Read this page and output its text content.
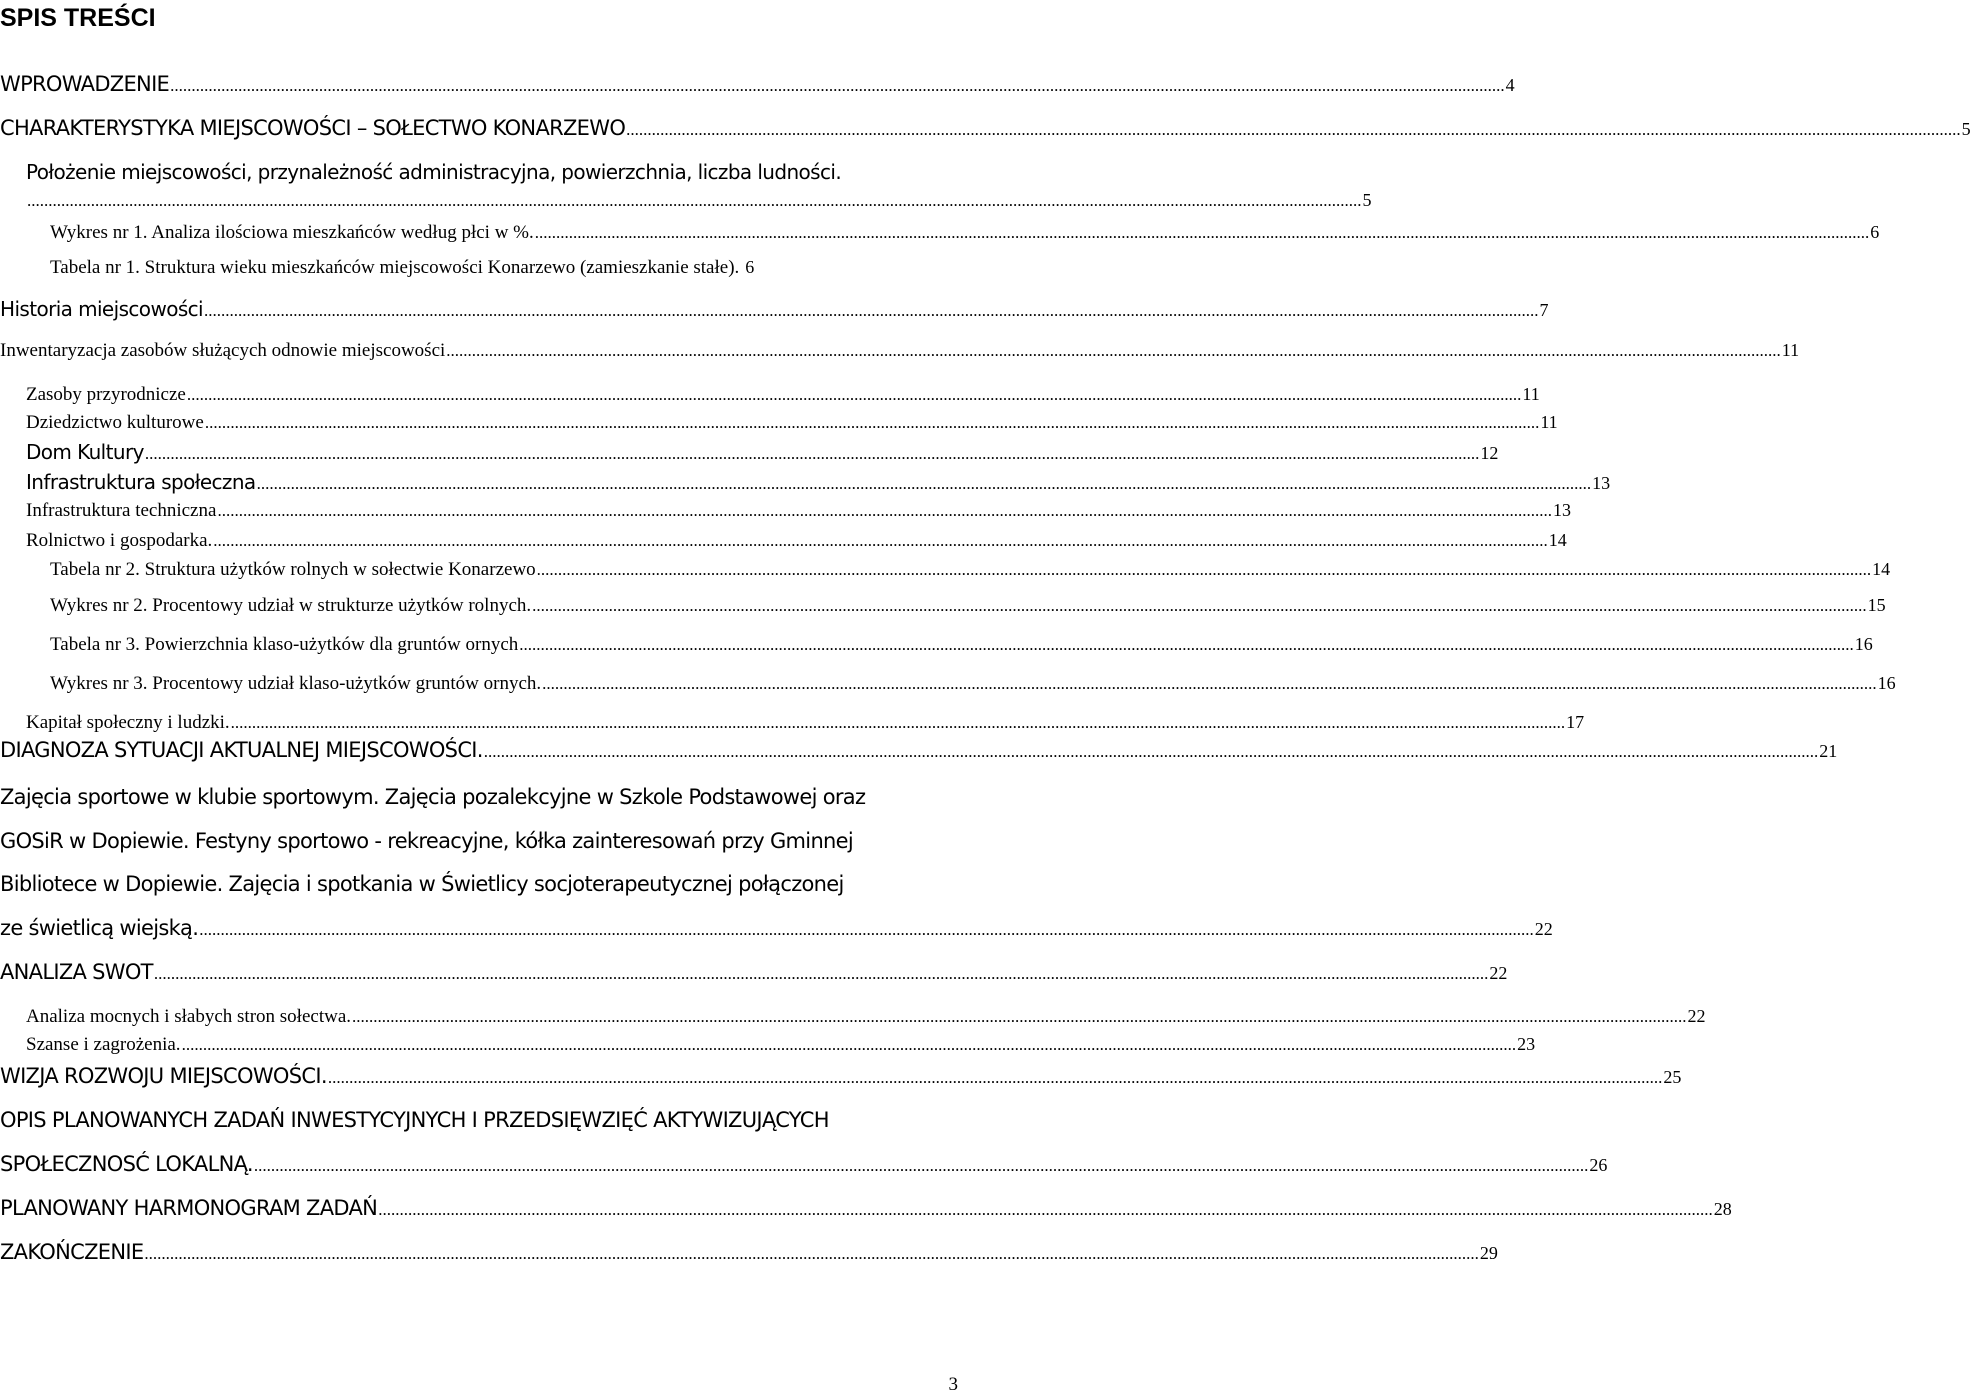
SPIS TREŚCI
WPROWADZENIE .....	4
CHARAKTERYSTYKA MIEJSCOWOŚCI – SOŁECTWO KONARZEWO .....	5
Położenie miejscowości, przynależność administracyjna, powierzchnia, liczba ludności.
.....
5
Wykres nr 1. Analiza ilościowa mieszkańców według płci w %. .....	6
Tabela nr 1. Struktura wieku mieszkańców miejscowości Konarzewo (zamieszkanie stałe). 6
Historia miejscowości .....	7
Inwentaryzacja zasobów służących odnowie miejscowości .....	11
Zasoby przyrodnicze .....	11
Dziedzictwo kulturowe .....	11
Dom Kultury .....	12
Infrastruktura społeczna .....	13
Infrastruktura techniczna .....	13
Rolnictwo i gospodarka. .....	14
Tabela nr 2. Struktura użytków rolnych w sołectwie Konarzewo .....	14
Wykres nr 2. Procentowy udział w strukturze użytków rolnych. .....	15
Tabela nr 3. Powierzchnia klaso-użytków dla gruntów ornych .....	16
Wykres nr 3. Procentowy udział klaso-użytków gruntów ornych. .....	16
Kapitał społeczny i ludzki. .....	17
DIAGNOZA SYTUACJI AKTUALNEJ MIEJSCOWOŚCI. .....	21
Zajęcia sportowe w klubie sportowym. Zajęcia pozalekcyjne w Szkole Podstawowej oraz
GOSiR w Dopiewie. Festyny sportowo - rekreacyjne, kółka zainteresowań przy Gminnej
Bibliotece w Dopiewie. Zajęcia i spotkania w Świetlicy socjoterapeutycznej połączonej
ze świetlicą wiejską. .....	22
ANALIZA SWOT .....	22
Analiza mocnych i słabych stron sołectwa. .....	22
Szanse i zagrożenia. .....	23
WIZJA ROZWOJU MIEJSCOWOŚCI. .....	25
OPIS PLANOWANYCH ZADAŃ INWESTYCYJNYCH I PRZEDSIĘWZIĘĆ AKTYWIZUJĄCYCH
SPOŁECZNOSĆ LOKALNĄ. .....	26
PLANOWANY HARMONOGRAM ZADAŃ .....	28
ZAKOŃCZENIE .....	29
3
